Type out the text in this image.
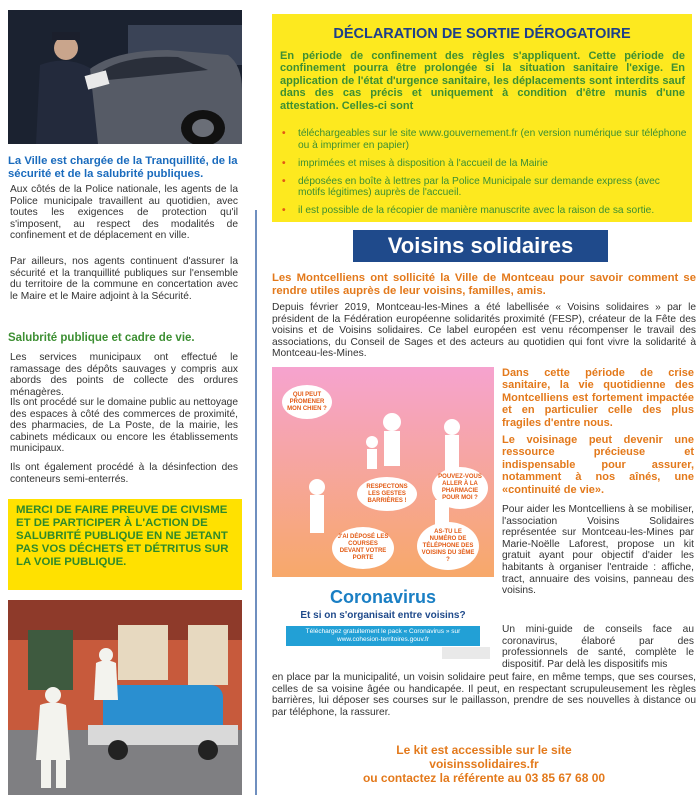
La Ville est chargée de la Tranquillité, de la sécurité et de la salubrité publiques.
Aux côtés de la Police nationale, les agents de la Police municipale travaillent au quotidien, avec toutes les exigences de protection qu'il s'imposent, au respect des modalités de confinement et de déplacement en ville.
Par ailleurs, nos agents continuent d'assurer la sécurité et la tranquillité publiques sur l'ensemble du territoire de la commune en concertation avec le Maire et le Maire adjoint à la Sécurité.
Salubrité publique et cadre de vie.
Les services municipaux ont effectué le ramassage des dépôts sauvages y compris aux abords des points de collecte des ordures ménagères.
Ils ont procédé sur le domaine public au nettoyage des espaces à côté des commerces de proximité, des pharmacies, de La Poste, de la mairie, les cabinets médicaux ou encore les établissements municipaux.
Ils ont également procédé à la désinfection des conteneurs semi-enterrés.
MERCI DE FAIRE PREUVE DE CIVISME ET DE PARTICIPER À L'ACTION DE SALUBRITÉ PUBLIQUE EN NE JETANT PAS VOS DÉCHETS ET DÉTRITUS SUR LA VOIE PUBLIQUE.
DÉCLARATION DE SORTIE DÉROGATOIRE
En période de confinement des règles s'appliquent. Cette période de confinement pourra être prolongée si la situation sanitaire l'exige. En application de l'état d'urgence sanitaire, les déplacements sont interdits sauf dans des cas précis et uniquement à condition d'être munis d'une attestation. Celles-ci sont
• téléchargeables sur le site www.gouvernement.fr (en version numérique sur téléphone ou à imprimer en papier)
• imprimées et mises à disposition à l'accueil de la Mairie
• déposées en boîte à lettres par la Police Municipale sur demande express (avec motifs légitimes) auprès de l'accueil.
• il est possible de la récopier de manière manuscrite avec la raison de sa sortie.
Voisins solidaires
Les Montcelliens ont sollicité la Ville de Montceau pour savoir comment se rendre utiles auprès de leur voisins, familles, amis.
Depuis février 2019, Montceau-les-Mines a été labellisée « Voisins solidaires » par le président de la Fédération européenne solidarités proximité (FESP), créateur de la Fête des voisins et de Voisins solidaires. Ce label européen est venu récompenser le travail des associations, du Conseil de Sages et des acteurs au quotidien qui font vivre la solidarité à Montceau-les-Mines.
QUI PEUT PROMENER MON CHIEN ?
RESPECTONS LES GESTES BARRIÈRES !
POUVEZ-VOUS ALLER À LA PHARMACIE POUR MOI ?
J'AI DÉPOSÉ LES COURSES DEVANT VOTRE PORTE
AS-TU LE NUMÉRO DE TÉLÉPHONE DES VOISINS DU 3ÈME ?
Coronavirus
Et si on s'organisait entre voisins?
Téléchargez gratuitement le pack « Coronavirus » sur www.cohesion-territoires.gouv.fr

Dans cette période de crise sanitaire, la vie quotidienne des Montcelliens est fortement impactée et en particulier celle des plus fragiles d'entre nous.

Le voisinage peut devenir une ressource précieuse et indispensable pour assurer, notamment à nos aînés, une «continuité de vie».

Pour aider les Montcelliens à se mobiliser, l'association Voisins Solidaires représentée sur Montceau-les-Mines par Marie-Noëlle Laforest, propose un kit gratuit ayant pour objectif d'aider les habitants à organiser l'entraide : affiche, tract, annuaire des voisins, panneau des voisins.
Un mini-guide de conseils face au coronavirus, élaboré par des professionnels de santé, complète le dispositif. Par delà les dispositifs mis
en place par la municipalité, un voisin solidaire peut faire, en même temps, que ses courses, celles de sa voisine âgée ou handicapée. Il peut, en respectant scrupuleusement les règles barrières, lui déposer ses courses sur le paillasson, prendre de ses nouvelles à distance ou par téléphone, la rassurer.
Le kit est accessible sur le site
voisinssolidaires.fr
ou contactez la référente au 03 85 67 68 00
